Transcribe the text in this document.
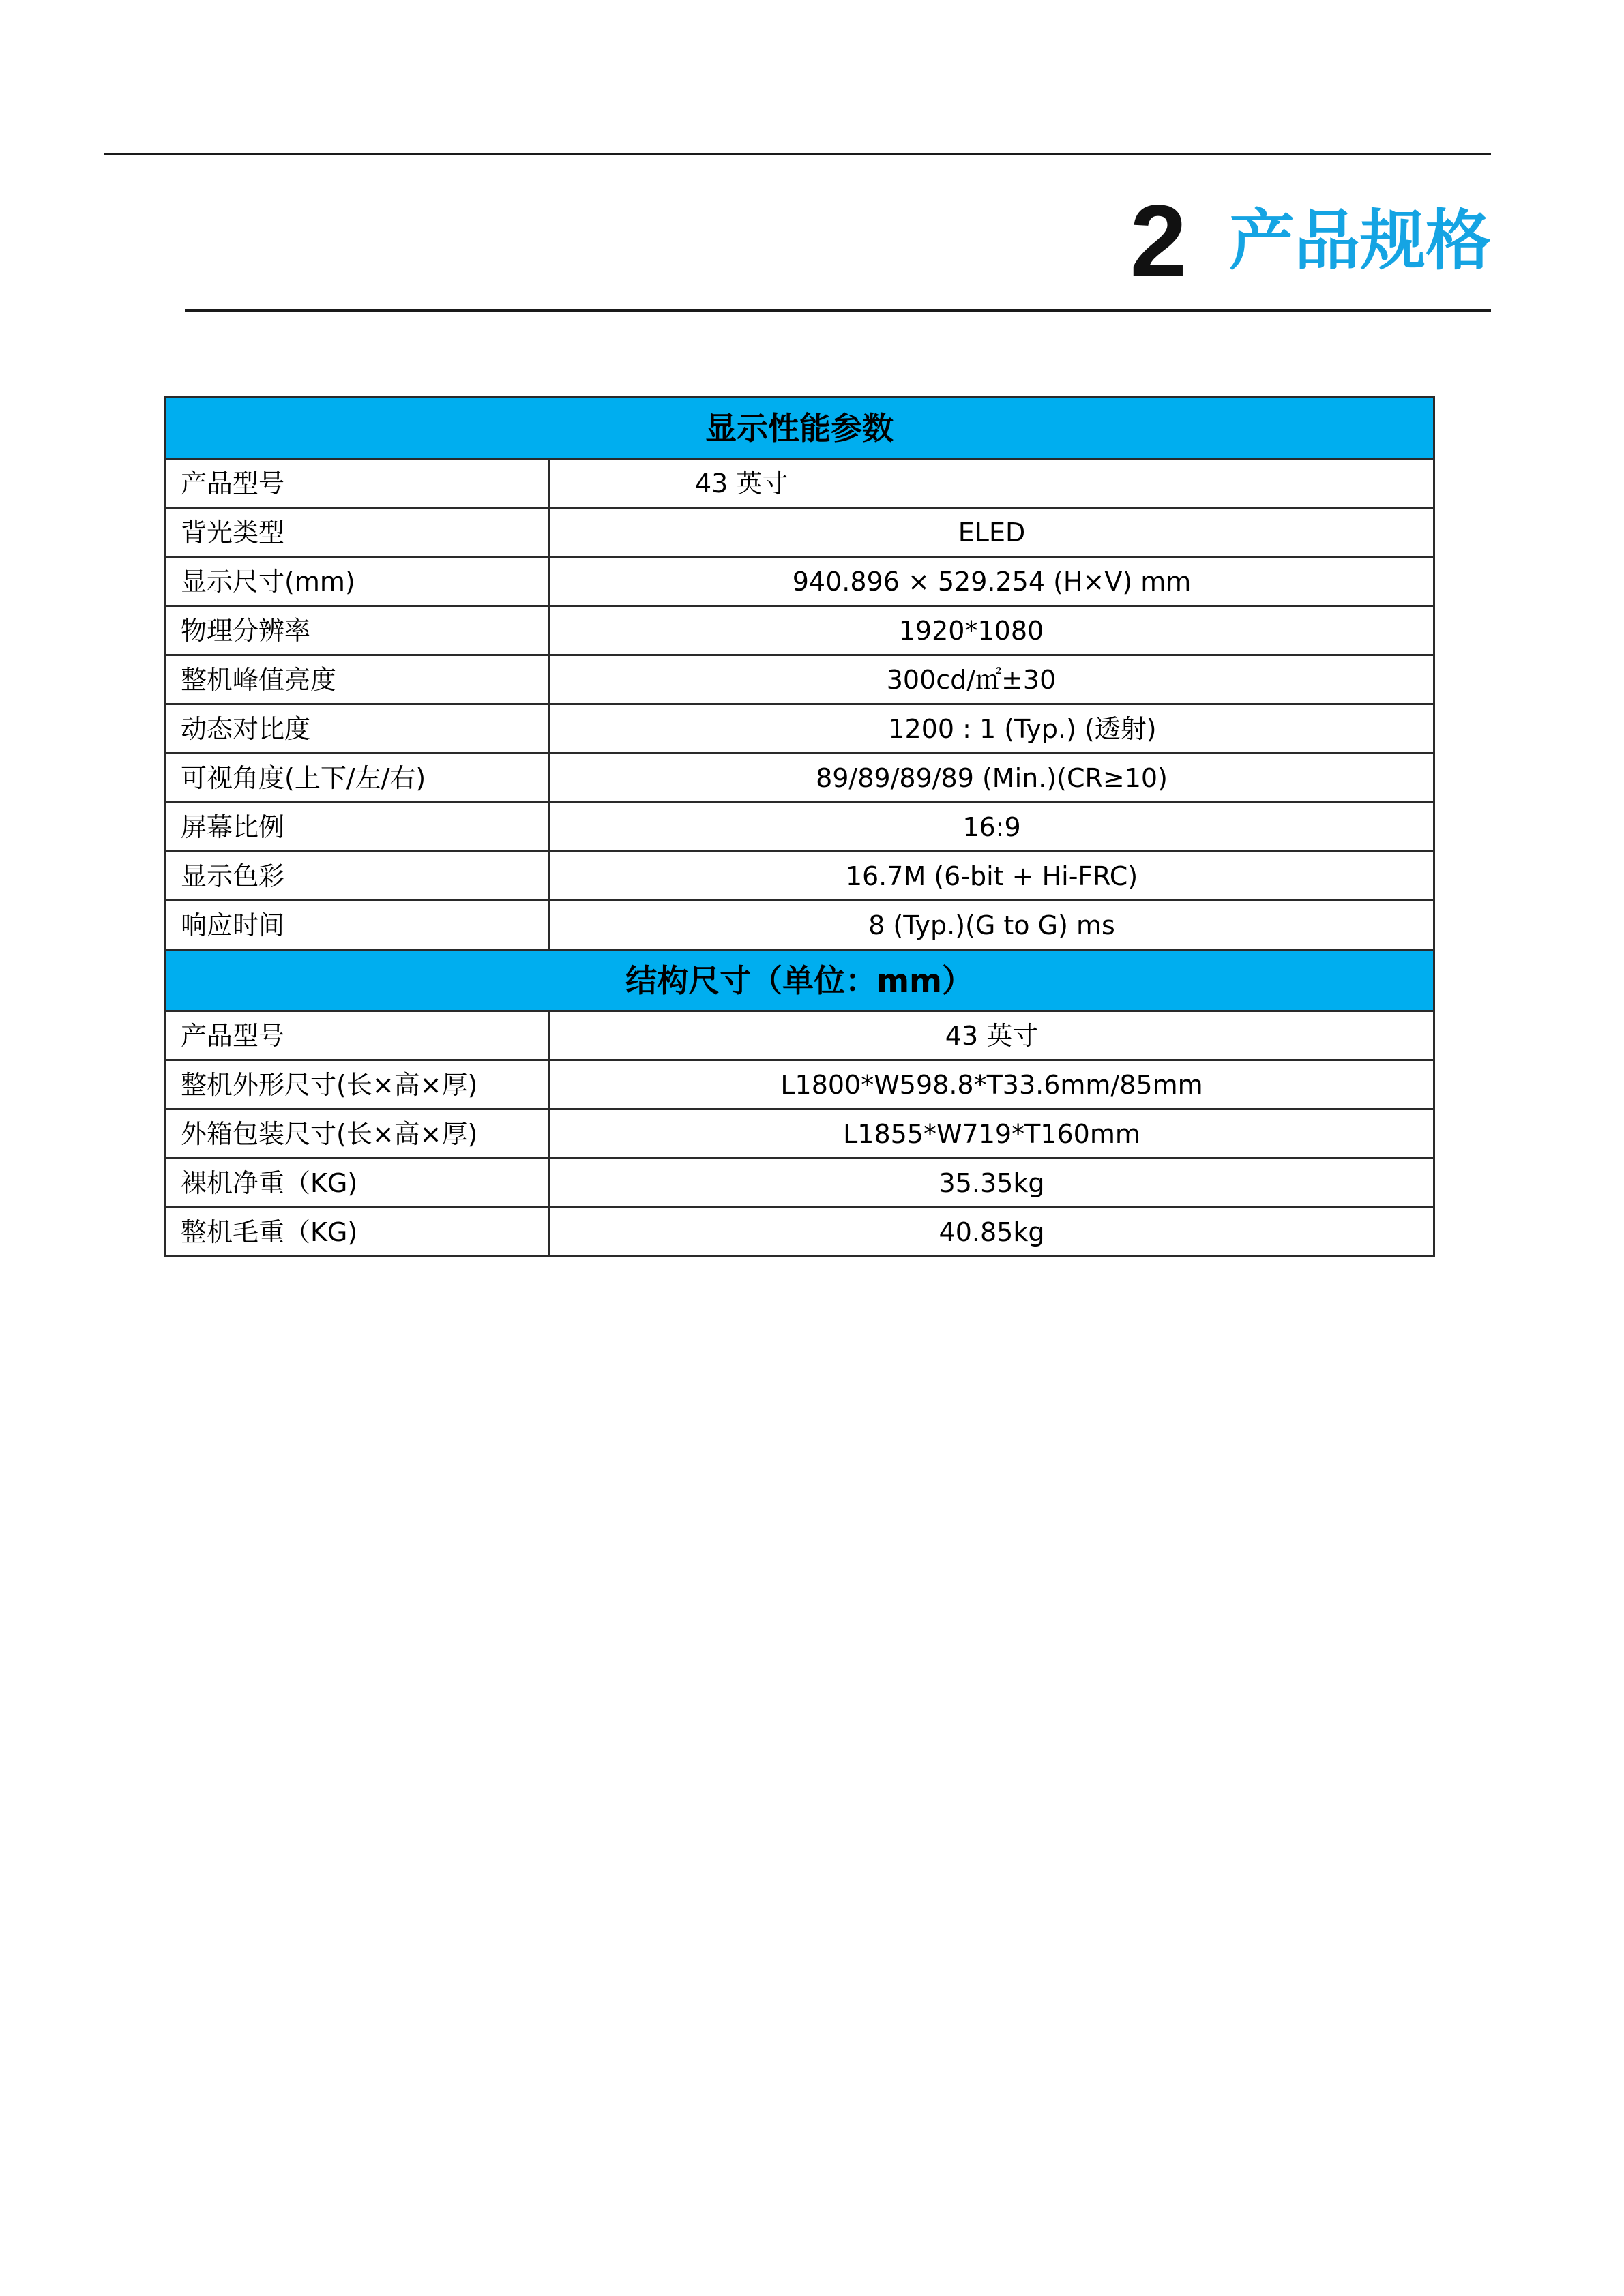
2 产品规格
显示性能参数	
产品型号	43 英寸
背光类型	ELED
显示尺寸(mm)	940.896 × 529.254 (H×V) mm
物理分辨率	1920*1080
整机峰值亮度	300cd/㎡±30
动态对比度	1200 : 1 (Typ.) (透射)
可视角度(上下/左/右)	89/89/89/89 (Min.)(CR≥10)
屏幕比例	16:9
显示色彩	16.7M (6-bit + Hi-FRC)
响应时间	8 (Typ.)(G to G) ms
结构尺寸（单位：mm）	
产品型号	43 英寸
整机外形尺寸(长×高×厚)	L1800*W598.8*T33.6mm/85mm
外箱包装尺寸(长×高×厚)	L1855*W719*T160mm
裸机净重（KG)	35.35kg
整机毛重（KG)	40.85kg
